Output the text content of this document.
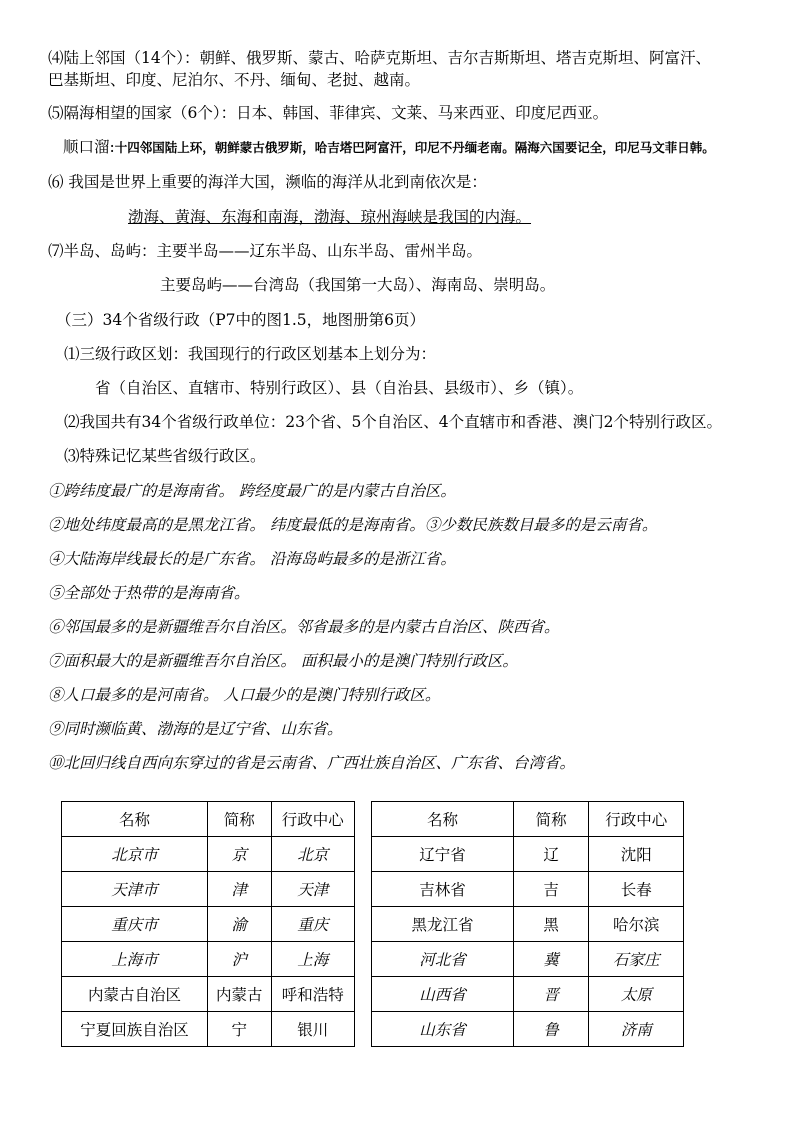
⑷陆上邻国（14个）：朝鲜、俄罗斯、蒙古、哈萨克斯坦、吉尔吉斯斯坦、塔吉克斯坦、阿富汗、
巴基斯坦、印度、尼泊尔、不丹、缅甸、老挝、越南。
⑸隔海相望的国家（6个）：日本、韩国、菲律宾、文莱、马来西亚、印度尼西亚。
顺口溜:十四邻国陆上环，朝鲜蒙古俄罗斯，哈吉塔巴阿富汗，印尼不丹缅老南。隔海六国要记全，印尼马文菲日韩。
⑹ 我国是世界上重要的海洋大国，濒临的海洋从北到南依次是：
渤海、黄海、东海和南海，渤海、琼州海峡是我国的内海。
⑺半岛、岛屿：主要半岛——辽东半岛、山东半岛、雷州半岛。
主要岛屿——台湾岛（我国第一大岛）、海南岛、崇明岛。
（三）34个省级行政（P7中的图1.5，地图册第6页）
⑴三级行政区划：我国现行的行政区划基本上划分为：
省（自治区、直辖市、特别行政区）、县（自治县、县级市）、乡（镇）。
⑵我国共有34个省级行政单位：23个省、5个自治区、4个直辖市和香港、澳门2个特别行政区。
⑶特殊记忆某些省级行政区。
①跨纬度最广的是海南省。 跨经度最广的是内蒙古自治区。
②地处纬度最高的是黑龙江省。 纬度最低的是海南省。③少数民族数目最多的是云南省。
④大陆海岸线最长的是广东省。 沿海岛屿最多的是浙江省。
⑤全部处于热带的是海南省。
⑥邻国最多的是新疆维吾尔自治区。邻省最多的是内蒙古自治区、陕西省。
⑦面积最大的是新疆维吾尔自治区。 面积最小的是澳门特别行政区。
⑧人口最多的是河南省。 人口最少的是澳门特别行政区。
⑨同时濒临黄、渤海的是辽宁省、山东省。
⑩北回归线自西向东穿过的省是云南省、广西壮族自治区、广东省、台湾省。
名称	简称	行政中心
北京市	京	北京
天津市	津	天津
重庆市	渝	重庆
上海市	沪	上海
内蒙古自治区	内蒙古	呼和浩特
宁夏回族自治区	宁	银川
名称	简称	行政中心
辽宁省	辽	沈阳
吉林省	吉	长春
黑龙江省	黑	哈尔滨
河北省	冀	石家庄
山西省	晋	太原
山东省	鲁	济南
